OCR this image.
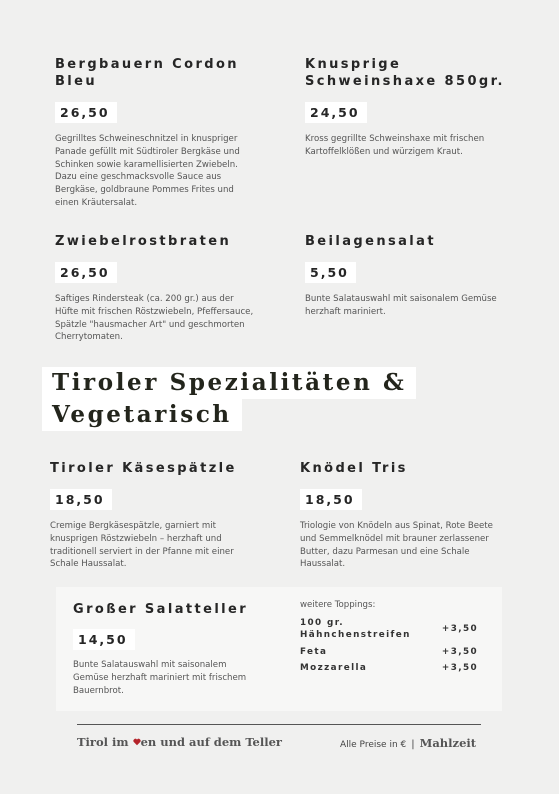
Bergbauern Cordon
Bleu
26,50
Gegrilltes Schweineschnitzel in knuspriger
Panade gefüllt mit Südtiroler Bergkäse und
Schinken sowie karamellisierten Zwiebeln.
Dazu eine geschmacksvolle Sauce aus
Bergkäse, goldbraune Pommes Frites und
einen Kräutersalat.
Knusprige
Schweinshaxe 850gr.
24,50
Kross gegrillte Schweinshaxe mit frischen
Kartoffelklößen und würzigem Kraut.
Zwiebelrostbraten
26,50
Saftiges Rindersteak (ca. 200 gr.) aus der
Hüfte mit frischen Röstzwiebeln, Pfeffersauce,
Spätzle "hausmacher Art" und geschmorten
Cherrytomaten.
Beilagensalat
5,50
Bunte Salatauswahl mit saisonalem Gemüse
herzhaft mariniert.
Tiroler Spezialitäten &
Vegetarisch
Tiroler Käsespätzle
18,50
Cremige Bergkäsespätzle, garniert mit
knusprigen Röstzwiebeln – herzhaft und
traditionell serviert in der Pfanne mit einer
Schale Haussalat.
Knödel Tris
18,50
Triologie von Knödeln aus Spinat, Rote Beete
und Semmelknödel mit brauner zerlassener
Butter, dazu Parmesan und eine Schale
Haussalat.
Großer Salatteller
14,50
Bunte Salatauswahl mit saisonalem
Gemüse herzhaft mariniert mit frischem
Bauernbrot.
weitere Toppings:
100 gr.
Hähnchenstreifen
+3,50
Feta	+3,50
Mozzarella	+3,50
Tirol im en und auf dem Teller	Alle Preise in € | Mahlzeit
